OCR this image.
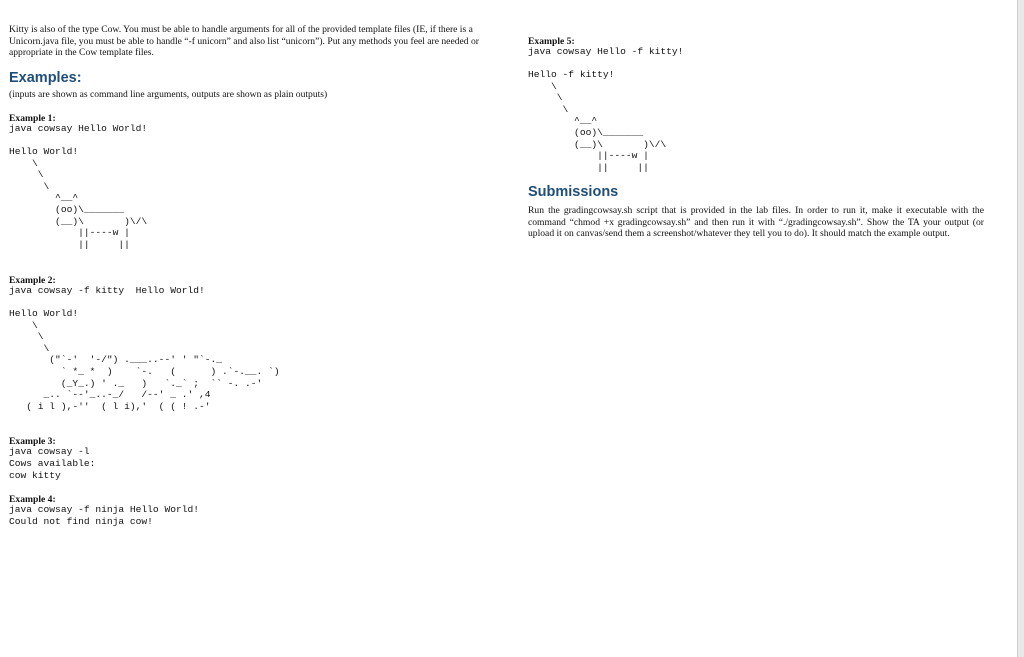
Kitty is also of the type Cow. You must be able to handle arguments for all of the provided template files (IE, if there is a Unicorn.java file, you must be able to handle “-f unicorn” and also list “unicorn”). Put any methods you feel are needed or appropriate in the Cow template files.

Examples:

(inputs are shown as command line arguments, outputs are shown as plain outputs)

Example 1:

java cowsay Hello World!
Hello World!
\
\
\
^__^
(oo)\_______
(__)\       )\/\
||----w |
||     ||

Example 2:

java cowsay -f kitty  Hello World!
Hello World!
\
\
\
("`-'  '-/") .___..--' ' "`-._
` *_ *  )    `-.   (      ) .`-.__. `)
(_Y_.) ' ._   )   `._` ;  `` -. .-'
_.. `--'_..-_/   /--' _ .' ,4
( i l ),-''  ( l i),'  ( ( ! .-'

Example 3:

java cowsay -l
Cows available:
cow kitty

Example 4:

java cowsay -f ninja Hello World!
Could not find ninja cow!

Example 5:

java cowsay Hello -f kitty!
Hello -f kitty!
\
\
\
^__^
(oo)\_______
(__)\       )\/\
||----w |
||     ||
Submissions

Run the gradingcowsay.sh script that is provided in the lab files. In order to run it, make it executable with the command “chmod +x gradingcowsay.sh” and then run it with “./gradingcowsay.sh”. Show the TA your output (or upload it on canvas/send them a screenshot/whatever they tell you to do). It should match the example output.
